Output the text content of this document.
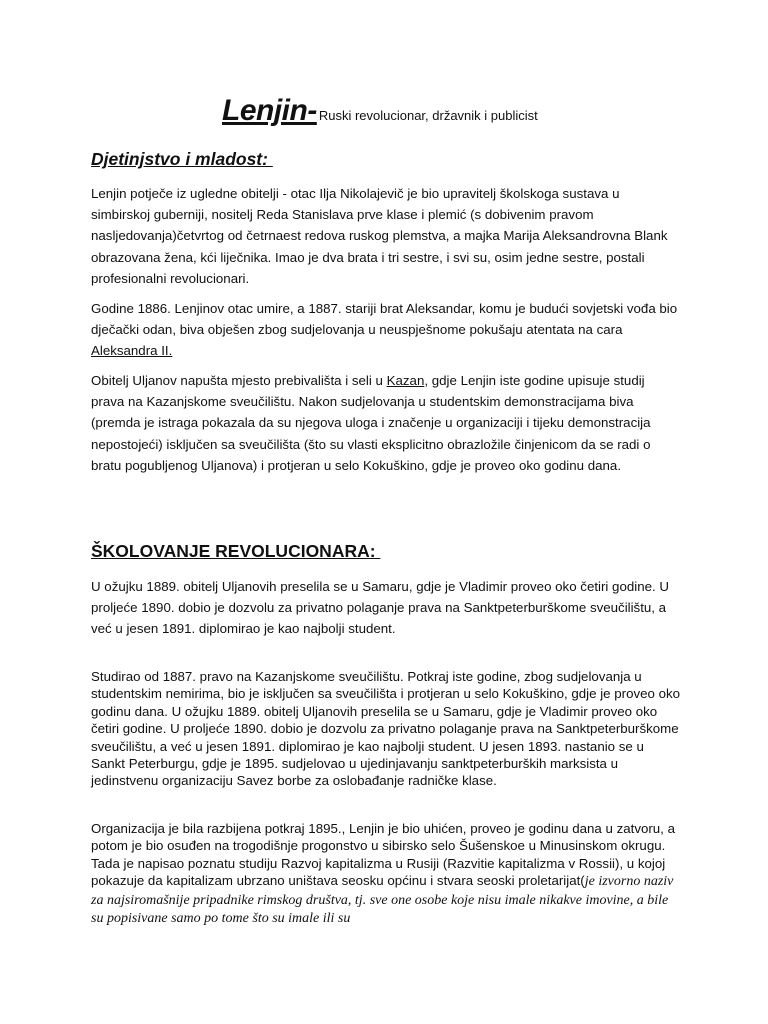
Lenjin- Ruski revolucionar, državnik i publicist
Djetinjstvo i mladost:

Lenjin potječe iz ugledne obitelji - otac Ilja Nikolajevič je bio upravitelj školskoga sustava u simbirskoj guberniji, nositelj Reda Stanislava prve klase i plemić (s dobivenim pravom nasljedovanja)četvrtog od četrnaest redova ruskog plemstva, a majka Marija Aleksandrovna Blank obrazovana žena, kći liječnika. Imao je dva brata i tri sestre, i svi su, osim jedne sestre, postali profesionalni revolucionari.

Godine 1886. Lenjinov otac umire, a 1887. stariji brat Aleksandar, komu je budući sovjetski vođa bio dječački odan, biva obješen zbog sudjelovanja u neuspješnome pokušaju atentata na cara Aleksandra II.

Obitelj Uljanov napušta mjesto prebivališta i seli u Kazan, gdje Lenjin iste godine upisuje studij prava na Kazanjskome sveučilištu. Nakon sudjelovanja u studentskim demonstracijama biva (premda je istraga pokazala da su njegova uloga i značenje u organizaciji i tijeku demonstracija nepostojeći) isključen sa sveučilišta (što su vlasti eksplicitno obrazložile činjenicom da se radi o bratu pogubljenog Uljanova) i protjeran u selo Kokuškino, gdje je proveo oko godinu dana.

ŠKOLOVANJE REVOLUCIONARA:

U ožujku 1889. obitelj Uljanovih preselila se u Samaru, gdje je Vladimir proveo oko četiri godine. U proljeće 1890. dobio je dozvolu za privatno polaganje prava na Sanktpeterburškome sveučilištu, a već u jesen 1891. diplomirao je kao najbolji student.

Studirao od 1887. pravo na Kazanjskome sveučilištu. Potkraj iste godine, zbog sudjelovanja u studentskim nemirima, bio je isključen sa sveučilišta i protjeran u selo Kokuškino, gdje je proveo oko godinu dana. U ožujku 1889. obitelj Uljanovih preselila se u Samaru, gdje je Vladimir proveo oko četiri godine. U proljeće 1890. dobio je dozvolu za privatno polaganje prava na Sanktpeterburškome sveučilištu, a već u jesen 1891. diplomirao je kao najbolji student. U jesen 1893. nastanio se u Sankt Peterburgu, gdje je 1895. sudjelovao u ujedinjavanju sanktpeterburških marksista u jedinstvenu organizaciju Savez borbe za oslobađanje radničke klase.

Organizacija je bila razbijena potkraj 1895., Lenjin je bio uhićen, proveo je godinu dana u zatvoru, a potom je bio osuđen na trogodišnje progonstvo u sibirsko selo Šušenskoe u Minusinskom okrugu. Tada je napisao poznatu studiju Razvoj kapitalizma u Rusiji (Razvitie kapitalizma v Rossii), u kojoj pokazuje da kapitalizam ubrzano uništava seosku općinu i stvara seoski proletarijat(je izvorno naziv za najsiromašnije pripadnike rimskog društva, tj. sve one osobe koje nisu imale nikakve imovine, a bile su popisivane samo po tome što su imale ili su
